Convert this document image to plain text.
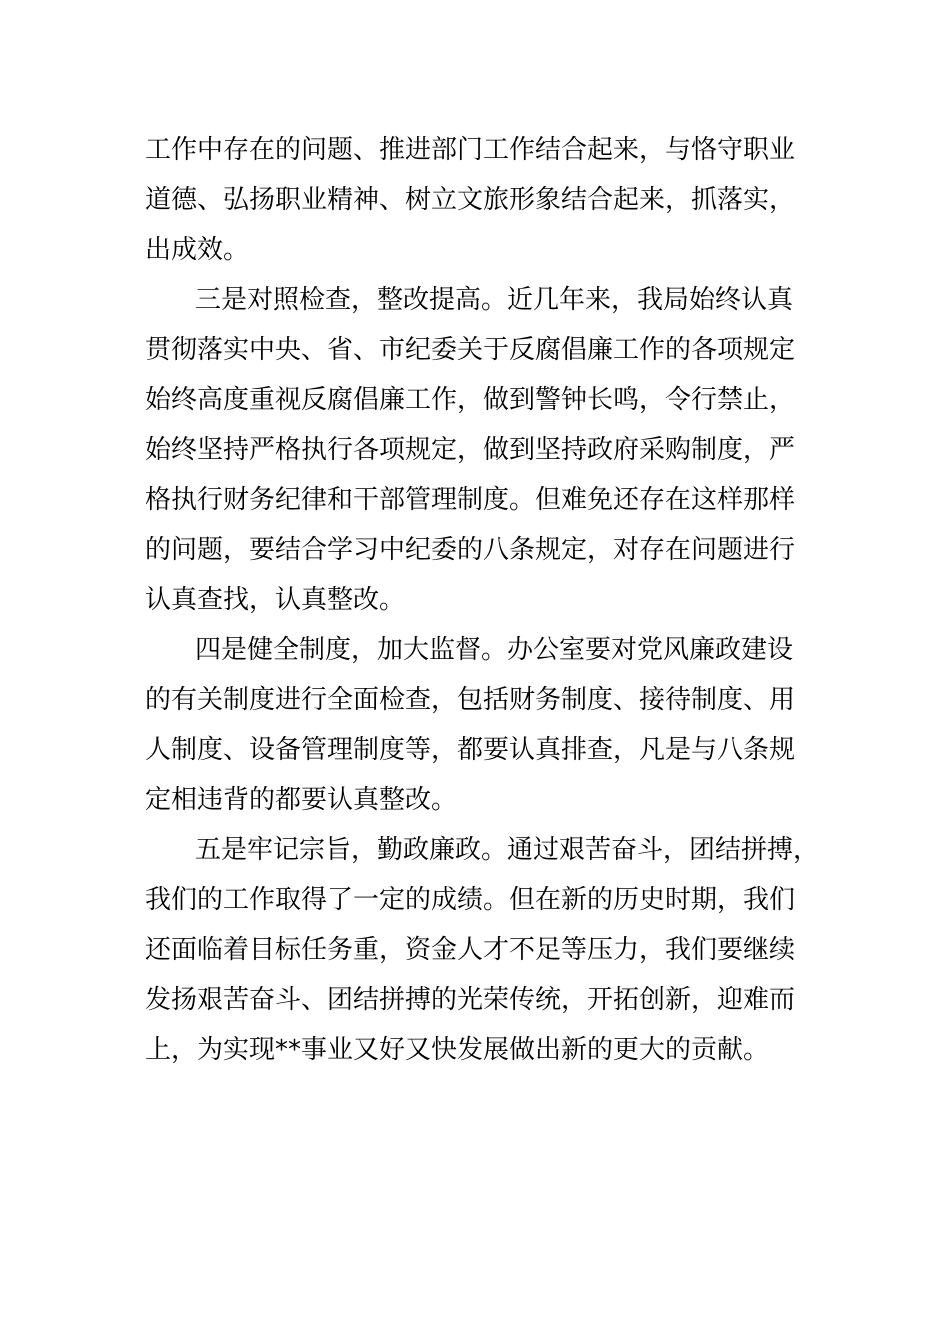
工作中存在的问题、推进部门工作结合起来，与恪守职业
道德、弘扬职业精神、树立文旅形象结合起来，抓落实，
出成效。
三是对照检查，整改提高。近几年来，我局始终认真
贯彻落实中央、省、市纪委关于反腐倡廉工作的各项规定
始终高度重视反腐倡廉工作，做到警钟长鸣，令行禁止，
始终坚持严格执行各项规定，做到坚持政府采购制度，严
格执行财务纪律和干部管理制度。但难免还存在这样那样
的问题，要结合学习中纪委的八条规定，对存在问题进行
认真查找，认真整改。
四是健全制度，加大监督。办公室要对党风廉政建设
的有关制度进行全面检查，包括财务制度、接待制度、用
人制度、设备管理制度等，都要认真排查，凡是与八条规
定相违背的都要认真整改。
五是牢记宗旨，勤政廉政。通过艰苦奋斗，团结拼搏，
我们的工作取得了一定的成绩。但在新的历史时期，我们
还面临着目标任务重，资金人才不足等压力，我们要继续
发扬艰苦奋斗、团结拼搏的光荣传统，开拓创新，迎难而
上，为实现**事业又好又快发展做出新的更大的贡献。
